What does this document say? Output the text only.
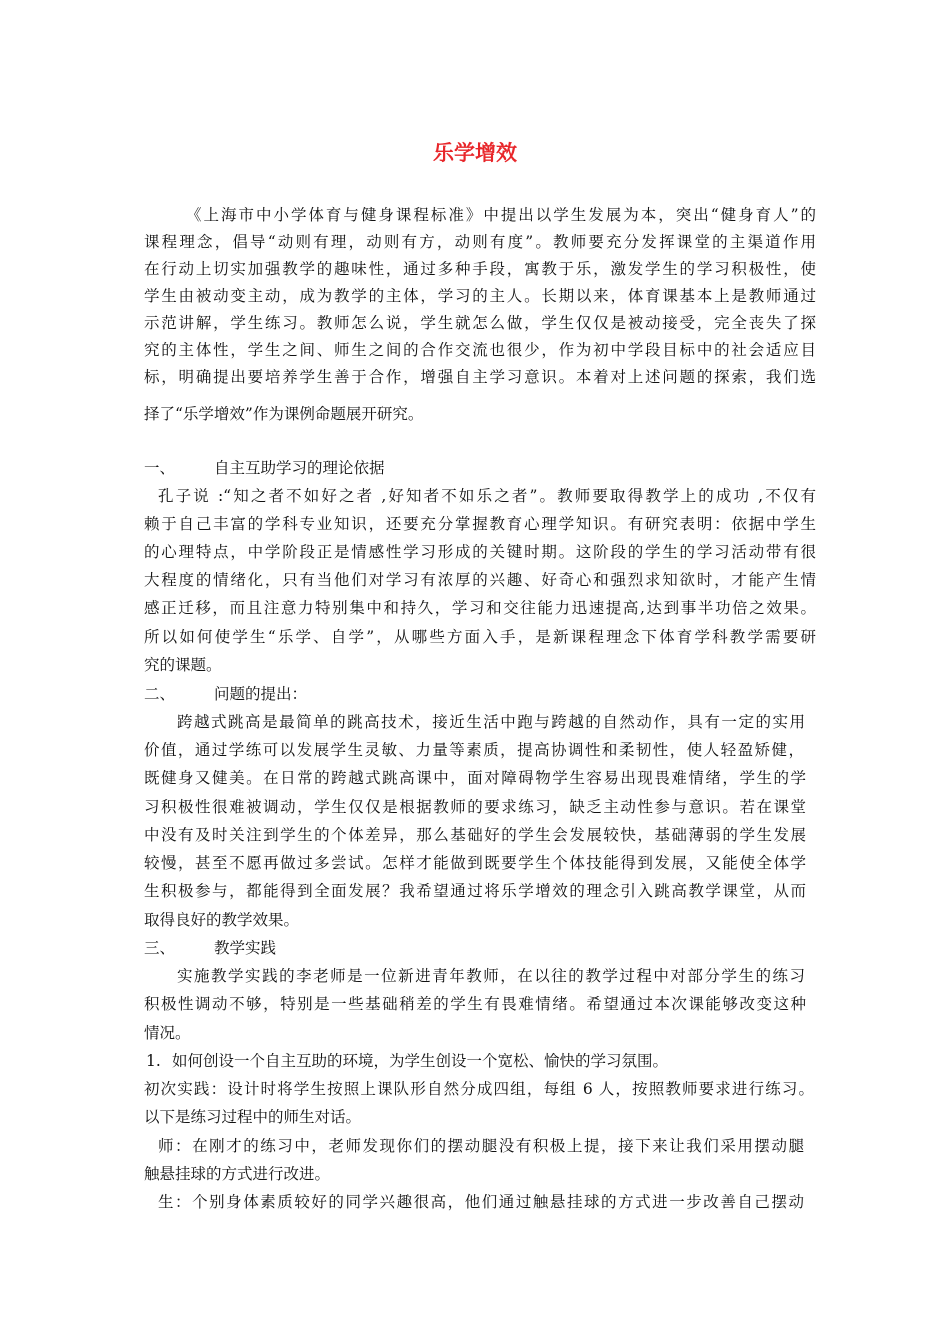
乐学增效
《上海市中小学体育与健身课程标准》中提出以学生发展为本，突出“健身育人”的
课程理念，倡导“动则有理，动则有方，动则有度”。教师要充分发挥课堂的主渠道作用
在行动上切实加强教学的趣味性，通过多种手段，寓教于乐，激发学生的学习积极性，使
学生由被动变主动，成为教学的主体，学习的主人。长期以来，体育课基本上是教师通过
示范讲解，学生练习。教师怎么说，学生就怎么做，学生仅仅是被动接受，完全丧失了探
究的主体性，学生之间、师生之间的合作交流也很少，作为初中学段目标中的社会适应目
标，明确提出要培养学生善于合作，增强自主学习意识。本着对上述问题的探索，我们选
择了“乐学增效”作为课例命题展开研究。
一、	自主互助学习的理论依据
孔子说 :“知之者不如好之者 ,好知者不如乐之者”。教师要取得教学上的成功 ,不仅有
赖于自己丰富的学科专业知识，还要充分掌握教育心理学知识。有研究表明：依据中学生
的心理特点，中学阶段正是情感性学习形成的关键时期。这阶段的学生的学习活动带有很
大程度的情绪化，只有当他们对学习有浓厚的兴趣、好奇心和强烈求知欲时，才能产生情
感正迁移，而且注意力特别集中和持久，学习和交往能力迅速提高,达到事半功倍之效果。
所以如何使学生“乐学、自学”，从哪些方面入手，是新课程理念下体育学科教学需要研
究的课题。
二、	问题的提出：
跨越式跳高是最简单的跳高技术，接近生活中跑与跨越的自然动作，具有一定的实用
价值，通过学练可以发展学生灵敏、力量等素质，提高协调性和柔韧性，使人轻盈矫健，
既健身又健美。在日常的跨越式跳高课中，面对障碍物学生容易出现畏难情绪，学生的学
习积极性很难被调动，学生仅仅是根据教师的要求练习，缺乏主动性参与意识。若在课堂
中没有及时关注到学生的个体差异，那么基础好的学生会发展较快，基础薄弱的学生发展
较慢，甚至不愿再做过多尝试。怎样才能做到既要学生个体技能得到发展，又能使全体学
生积极参与，都能得到全面发展？我希望通过将乐学增效的理念引入跳高教学课堂，从而
取得良好的教学效果。
三、	教学实践
实施教学实践的李老师是一位新进青年教师，在以往的教学过程中对部分学生的练习
积极性调动不够，特别是一些基础稍差的学生有畏难情绪。希望通过本次课能够改变这种
情况。
1. 如何创设一个自主互助的环境，为学生创设一个宽松、愉快的学习氛围。
初次实践：设计时将学生按照上课队形自然分成四组，每组 6 人，按照教师要求进行练习。
以下是练习过程中的师生对话。
师：在刚才的练习中，老师发现你们的摆动腿没有积极上提，接下来让我们采用摆动腿
触悬挂球的方式进行改进。
生：个别身体素质较好的同学兴趣很高，他们通过触悬挂球的方式进一步改善自己摆动
